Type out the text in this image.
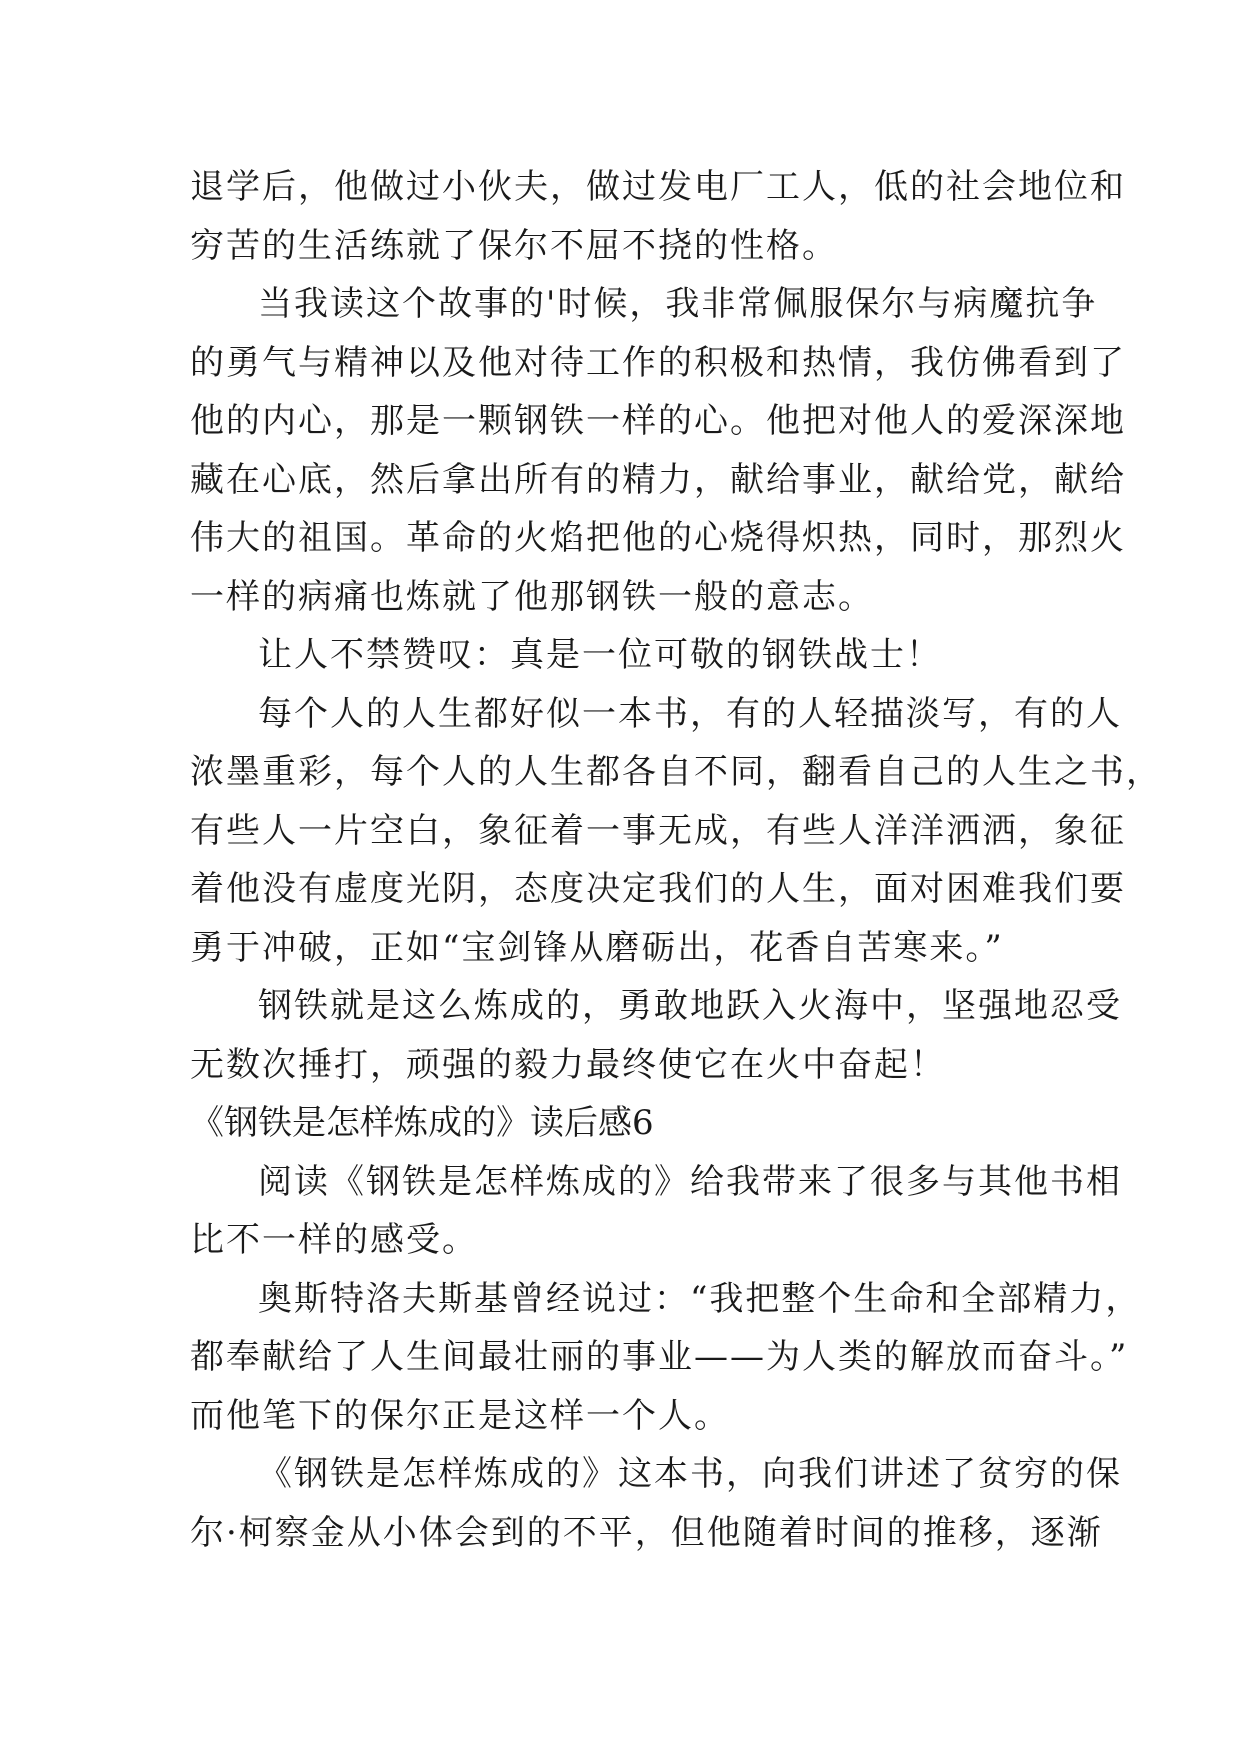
退学后，他做过小伙夫，做过发电厂工人，低的社会地位和
穷苦的生活练就了保尔不屈不挠的性格。
当我读这个故事的'时候，我非常佩服保尔与病魔抗争
的勇气与精神以及他对待工作的积极和热情，我仿佛看到了
他的内心，那是一颗钢铁一样的心。他把对他人的爱深深地
藏在心底，然后拿出所有的精力，献给事业，献给党，献给
伟大的祖国。革命的火焰把他的心烧得炽热，同时，那烈火
一样的病痛也炼就了他那钢铁一般的意志。
让人不禁赞叹：真是一位可敬的钢铁战士！
每个人的人生都好似一本书，有的人轻描淡写，有的人
浓墨重彩，每个人的人生都各自不同，翻看自己的人生之书，
有些人一片空白，象征着一事无成，有些人洋洋洒洒，象征
着他没有虚度光阴，态度决定我们的人生，面对困难我们要
勇于冲破，正如“宝剑锋从磨砺出，花香自苦寒来。”
钢铁就是这么炼成的，勇敢地跃入火海中，坚强地忍受
无数次捶打，顽强的毅力最终使它在火中奋起！
《钢铁是怎样炼成的》读后感6
阅读《钢铁是怎样炼成的》给我带来了很多与其他书相
比不一样的感受。
奥斯特洛夫斯基曾经说过：“我把整个生命和全部精力，
都奉献给了人生间最壮丽的事业——为人类的解放而奋斗。”
而他笔下的保尔正是这样一个人。
《钢铁是怎样炼成的》这本书，向我们讲述了贫穷的保
尔·柯察金从小体会到的不平，但他随着时间的推移，逐渐
